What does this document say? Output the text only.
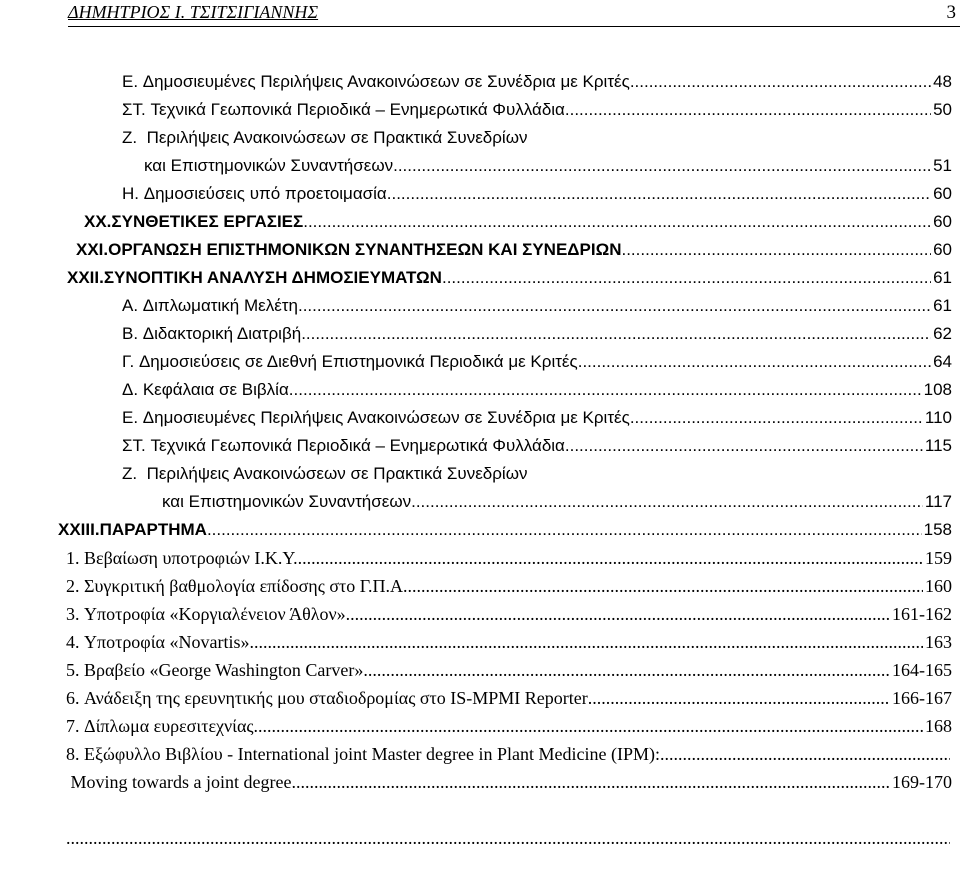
ΔΗΜΗΤΡΙΟΣ Ι. ΤΣΙΤΣΙΓΙΑΝΝΗΣ	3
Ε.
Δημοσιευμένες Περιλήψεις Ανακοινώσεων σε Συνέδρια με Κριτές .....	48
ΣΤ.
Τεχνικά Γεωπονικά Περιοδικά – Ενημερωτικά Φυλλάδια .....	50
Ζ.
Περιλήψεις Ανακοινώσεων σε Πρακτικά Συνεδρίων
και Επιστημονικών Συναντήσεων .....	51
Η.
Δημοσιεύσεις υπό προετοιμασία .....	60
XX. ΣΥΝΘΕΤΙΚΕΣ ΕΡΓΑΣΙΕΣ .....	60
XXI. ΟΡΓΑΝΩΣΗ ΕΠΙΣΤΗΜΟΝΙΚΩΝ ΣΥΝΑΝΤΗΣΕΩΝ ΚΑΙ ΣΥΝΕΔΡΙΩΝ .....	60
XXII. ΣΥΝΟΠΤΙΚΗ ΑΝΑΛΥΣΗ ΔΗΜΟΣΙΕΥΜΑΤΩΝ .....	61
Α.
Διπλωματική Μελέτη .....	61
Β.
Διδακτορική Διατριβή .....	62
Γ.
Δημοσιεύσεις σε Διεθνή Επιστημονικά Περιοδικά με Κριτές .....	64
Δ.
Κεφάλαια σε Βιβλία .....	108
Ε.
Δημοσιευμένες Περιλήψεις Ανακοινώσεων σε Συνέδρια με Κριτές .....	110
ΣΤ.
Τεχνικά Γεωπονικά Περιοδικά – Ενημερωτικά Φυλλάδια .....	115
Ζ.
Περιλήψεις Ανακοινώσεων σε Πρακτικά Συνεδρίων
και Επιστημονικών Συναντήσεων .....	117
XXIII. ΠΑΡΑΡΤΗΜΑ .....	158
1.
Βεβαίωση υποτροφιών Ι.Κ.Υ. .....	159
2.
Συγκριτική βαθμολογία επίδοσης στο Γ.Π.Α. .....	160
3.
Υποτροφία «Κοργιαλένειον Άθλον» .....	161-162
4.
Υποτροφία «Novartis» .....	163
5.
Βραβείο «George Washington Carver» .....	164-165
6.
Ανάδειξη της ερευνητικής μου σταδιοδρομίας στο IS-MPMI Reporter .....	166-167
7.
Δίπλωμα ευρεσιτεχνίας .....	168
8.
Εξώφυλλο Βιβλίου - International joint Master degree in Plant Medicine (IPM):
.....

Moving towards a joint degree .....	169-170

.....
